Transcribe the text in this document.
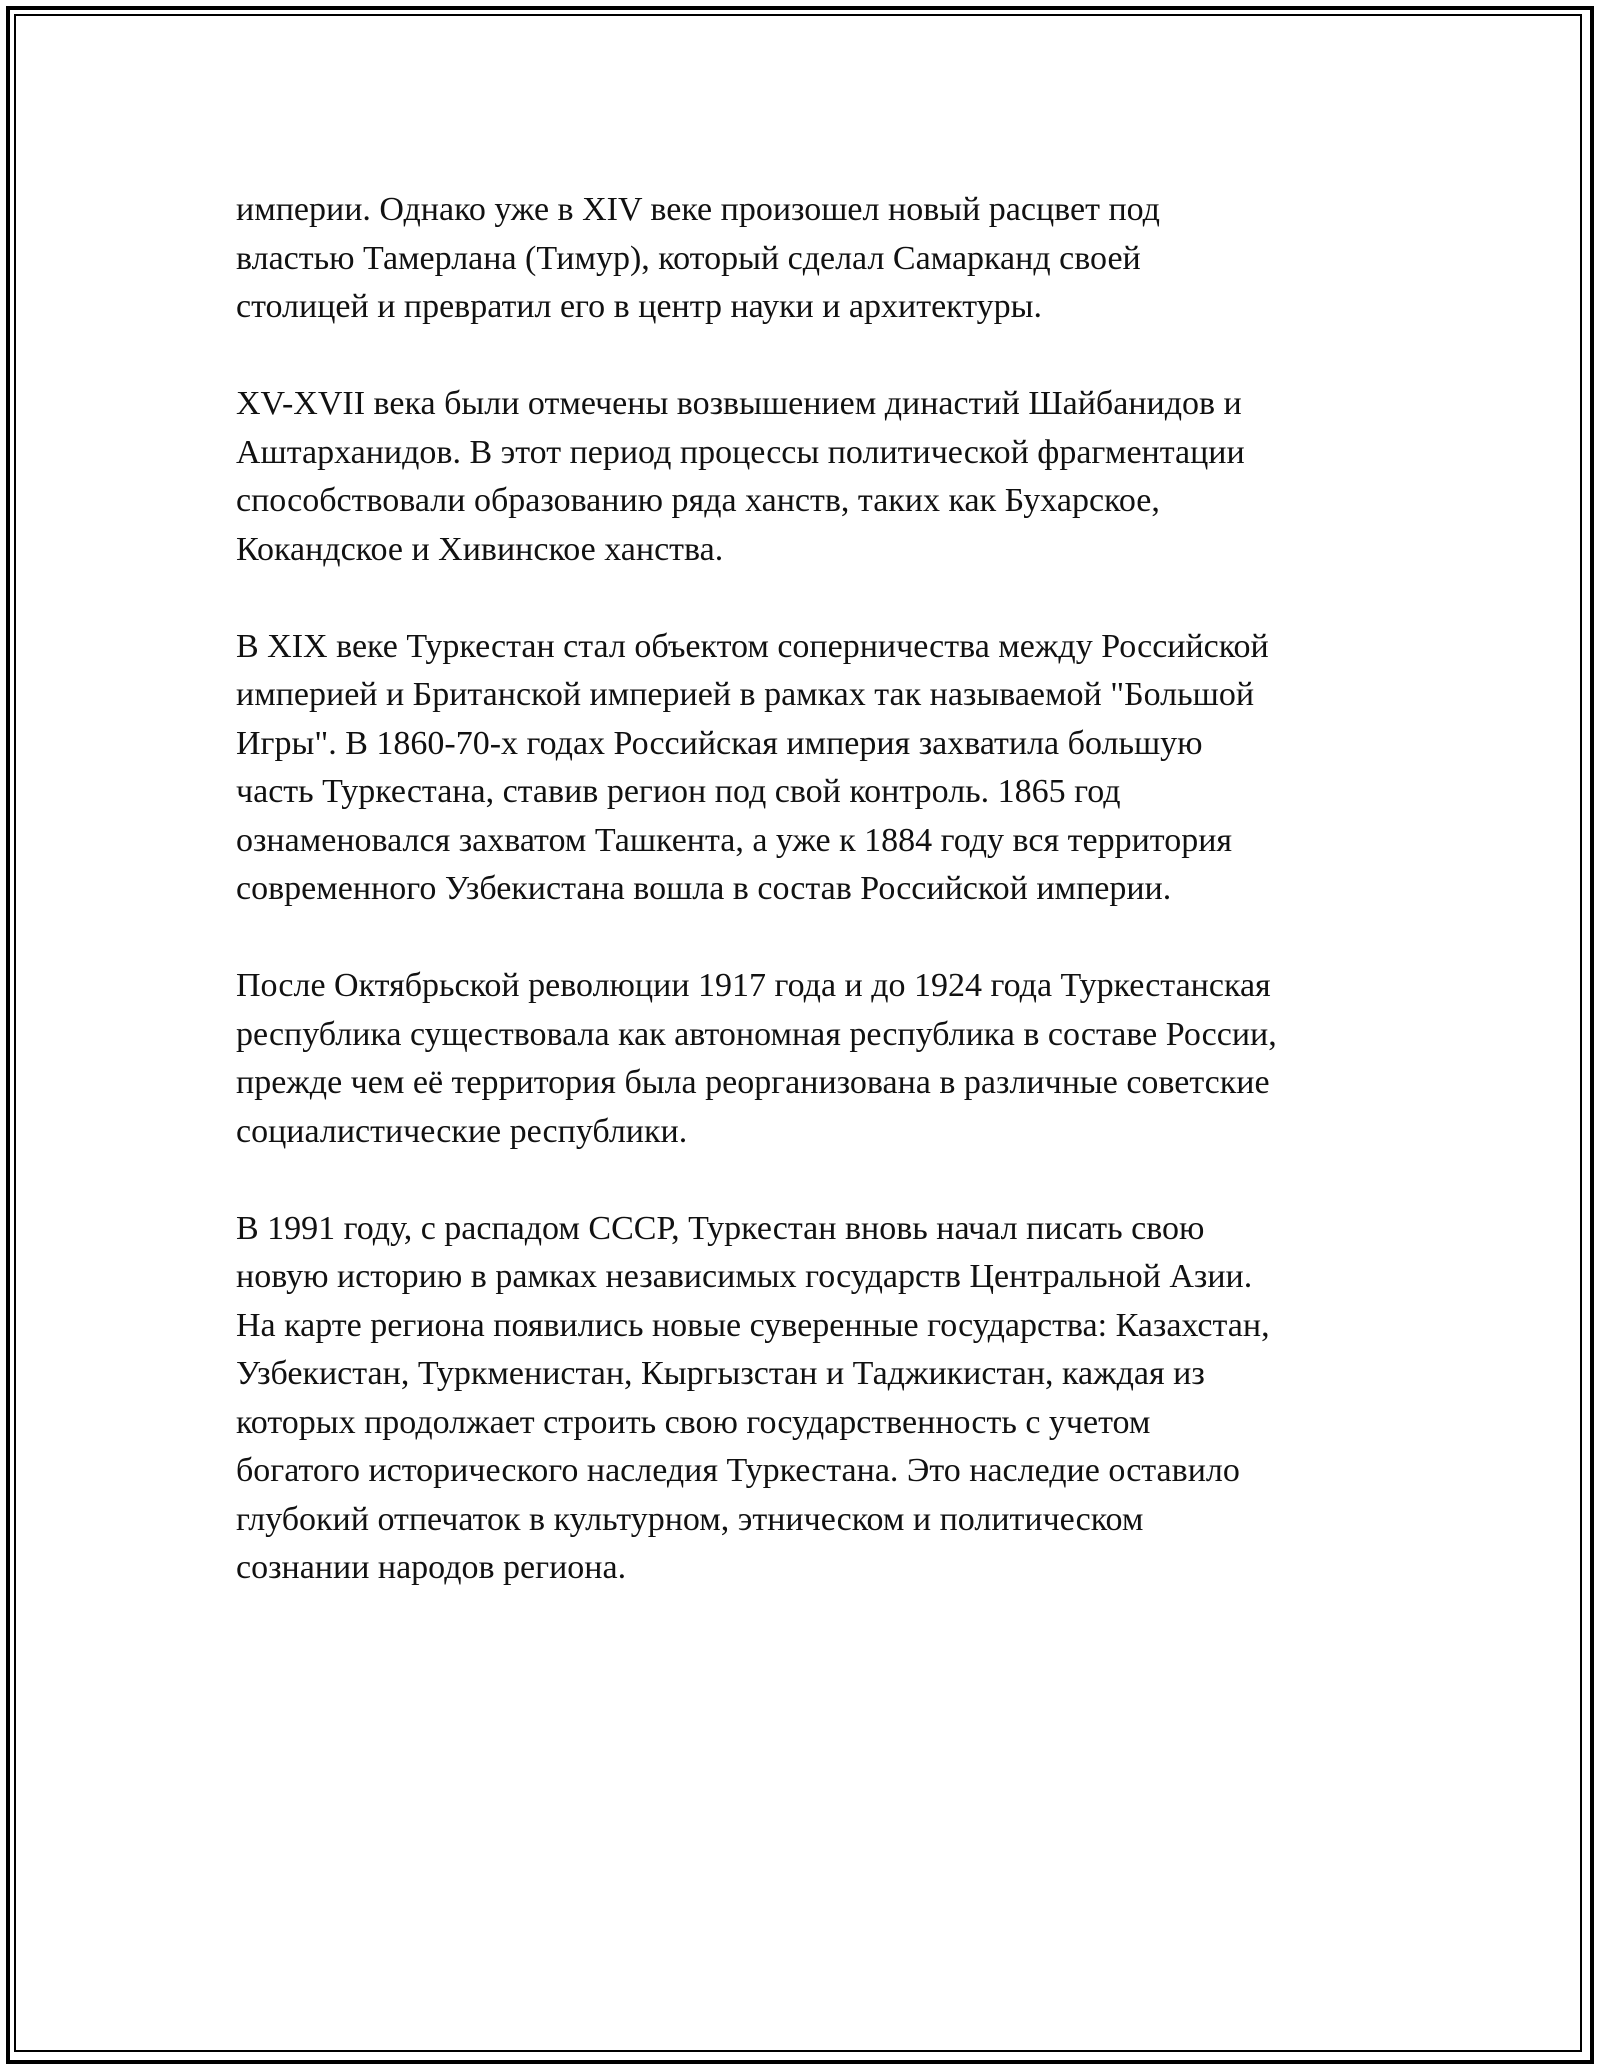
империи. Однако уже в XIV веке произошел новый расцвет под
властью Тамерлана (Тимур), который сделал Самарканд своей
столицей и превратил его в центр науки и архитектуры.

XV-XVII века были отмечены возвышением династий Шайбанидов и
Аштарханидов. В этот период процессы политической фрагментации
способствовали образованию ряда ханств, таких как Бухарское,
Кокандское и Хивинское ханства.

В XIX веке Туркестан стал объектом соперничества между Российской
империей и Британской империей в рамках так называемой "Большой
Игры". В 1860-70-х годах Российская империя захватила большую
часть Туркестана, ставив регион под свой контроль. 1865 год
ознаменовался захватом Ташкента, а уже к 1884 году вся территория
современного Узбекистана вошла в состав Российской империи.

После Октябрьской революции 1917 года и до 1924 года Туркестанская
республика существовала как автономная республика в составе России,
прежде чем её территория была реорганизована в различные советские
социалистические республики.

В 1991 году, с распадом СССР, Туркестан вновь начал писать свою
новую историю в рамках независимых государств Центральной Азии.
На карте региона появились новые суверенные государства: Казахстан,
Узбекистан, Туркменистан, Кыргызстан и Таджикистан, каждая из
которых продолжает строить свою государственность с учетом
богатого исторического наследия Туркестана. Это наследие оставило
глубокий отпечаток в культурном, этническом и политическом
сознании народов региона.
